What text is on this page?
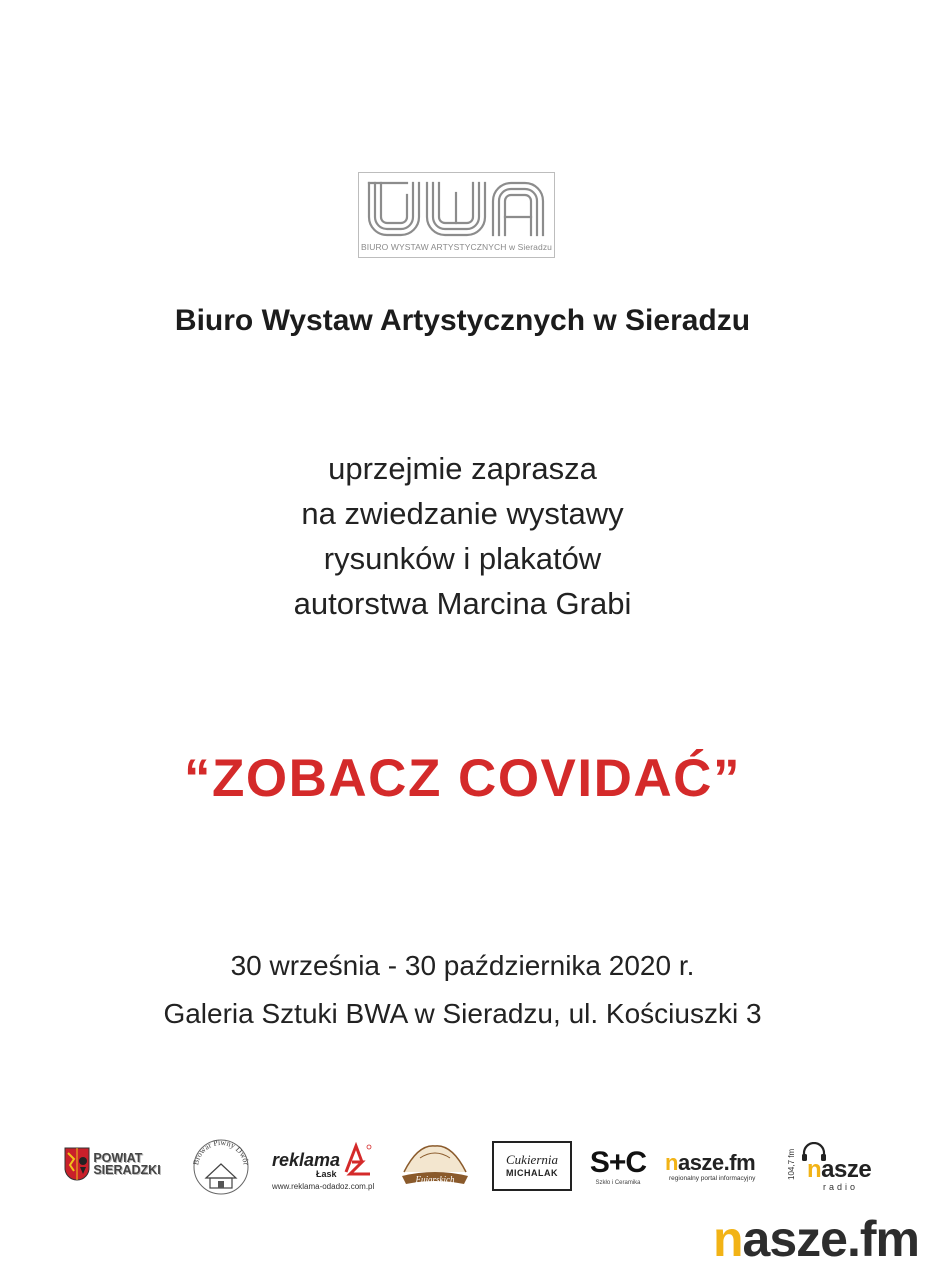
BIURO WYSTAW ARTYSTYCZNYCH w Sieradzu
Biuro Wystaw Artystycznych w Sieradzu
uprzejmie zaprasza
na zwiedzanie wystawy
rysunków i plakatów
autorstwa Marcina Grabi
“ZOBACZ COVIDAĆ”
30 września - 30 października 2020 r.
Galeria Sztuki BWA w Sieradzu, ul. Kościuszki 3
POWIAT
SIERADZKI
Browar Piwny Dwór reklama
Łask
www.reklama-odadoz.com.pl
Fujarskich
Cukiernia
MICHALAK S+C
Szkło i Ceramika
nasze.fm
regionalny portal informacyjny	104,7 fm nasze
radio
nasze.fm
